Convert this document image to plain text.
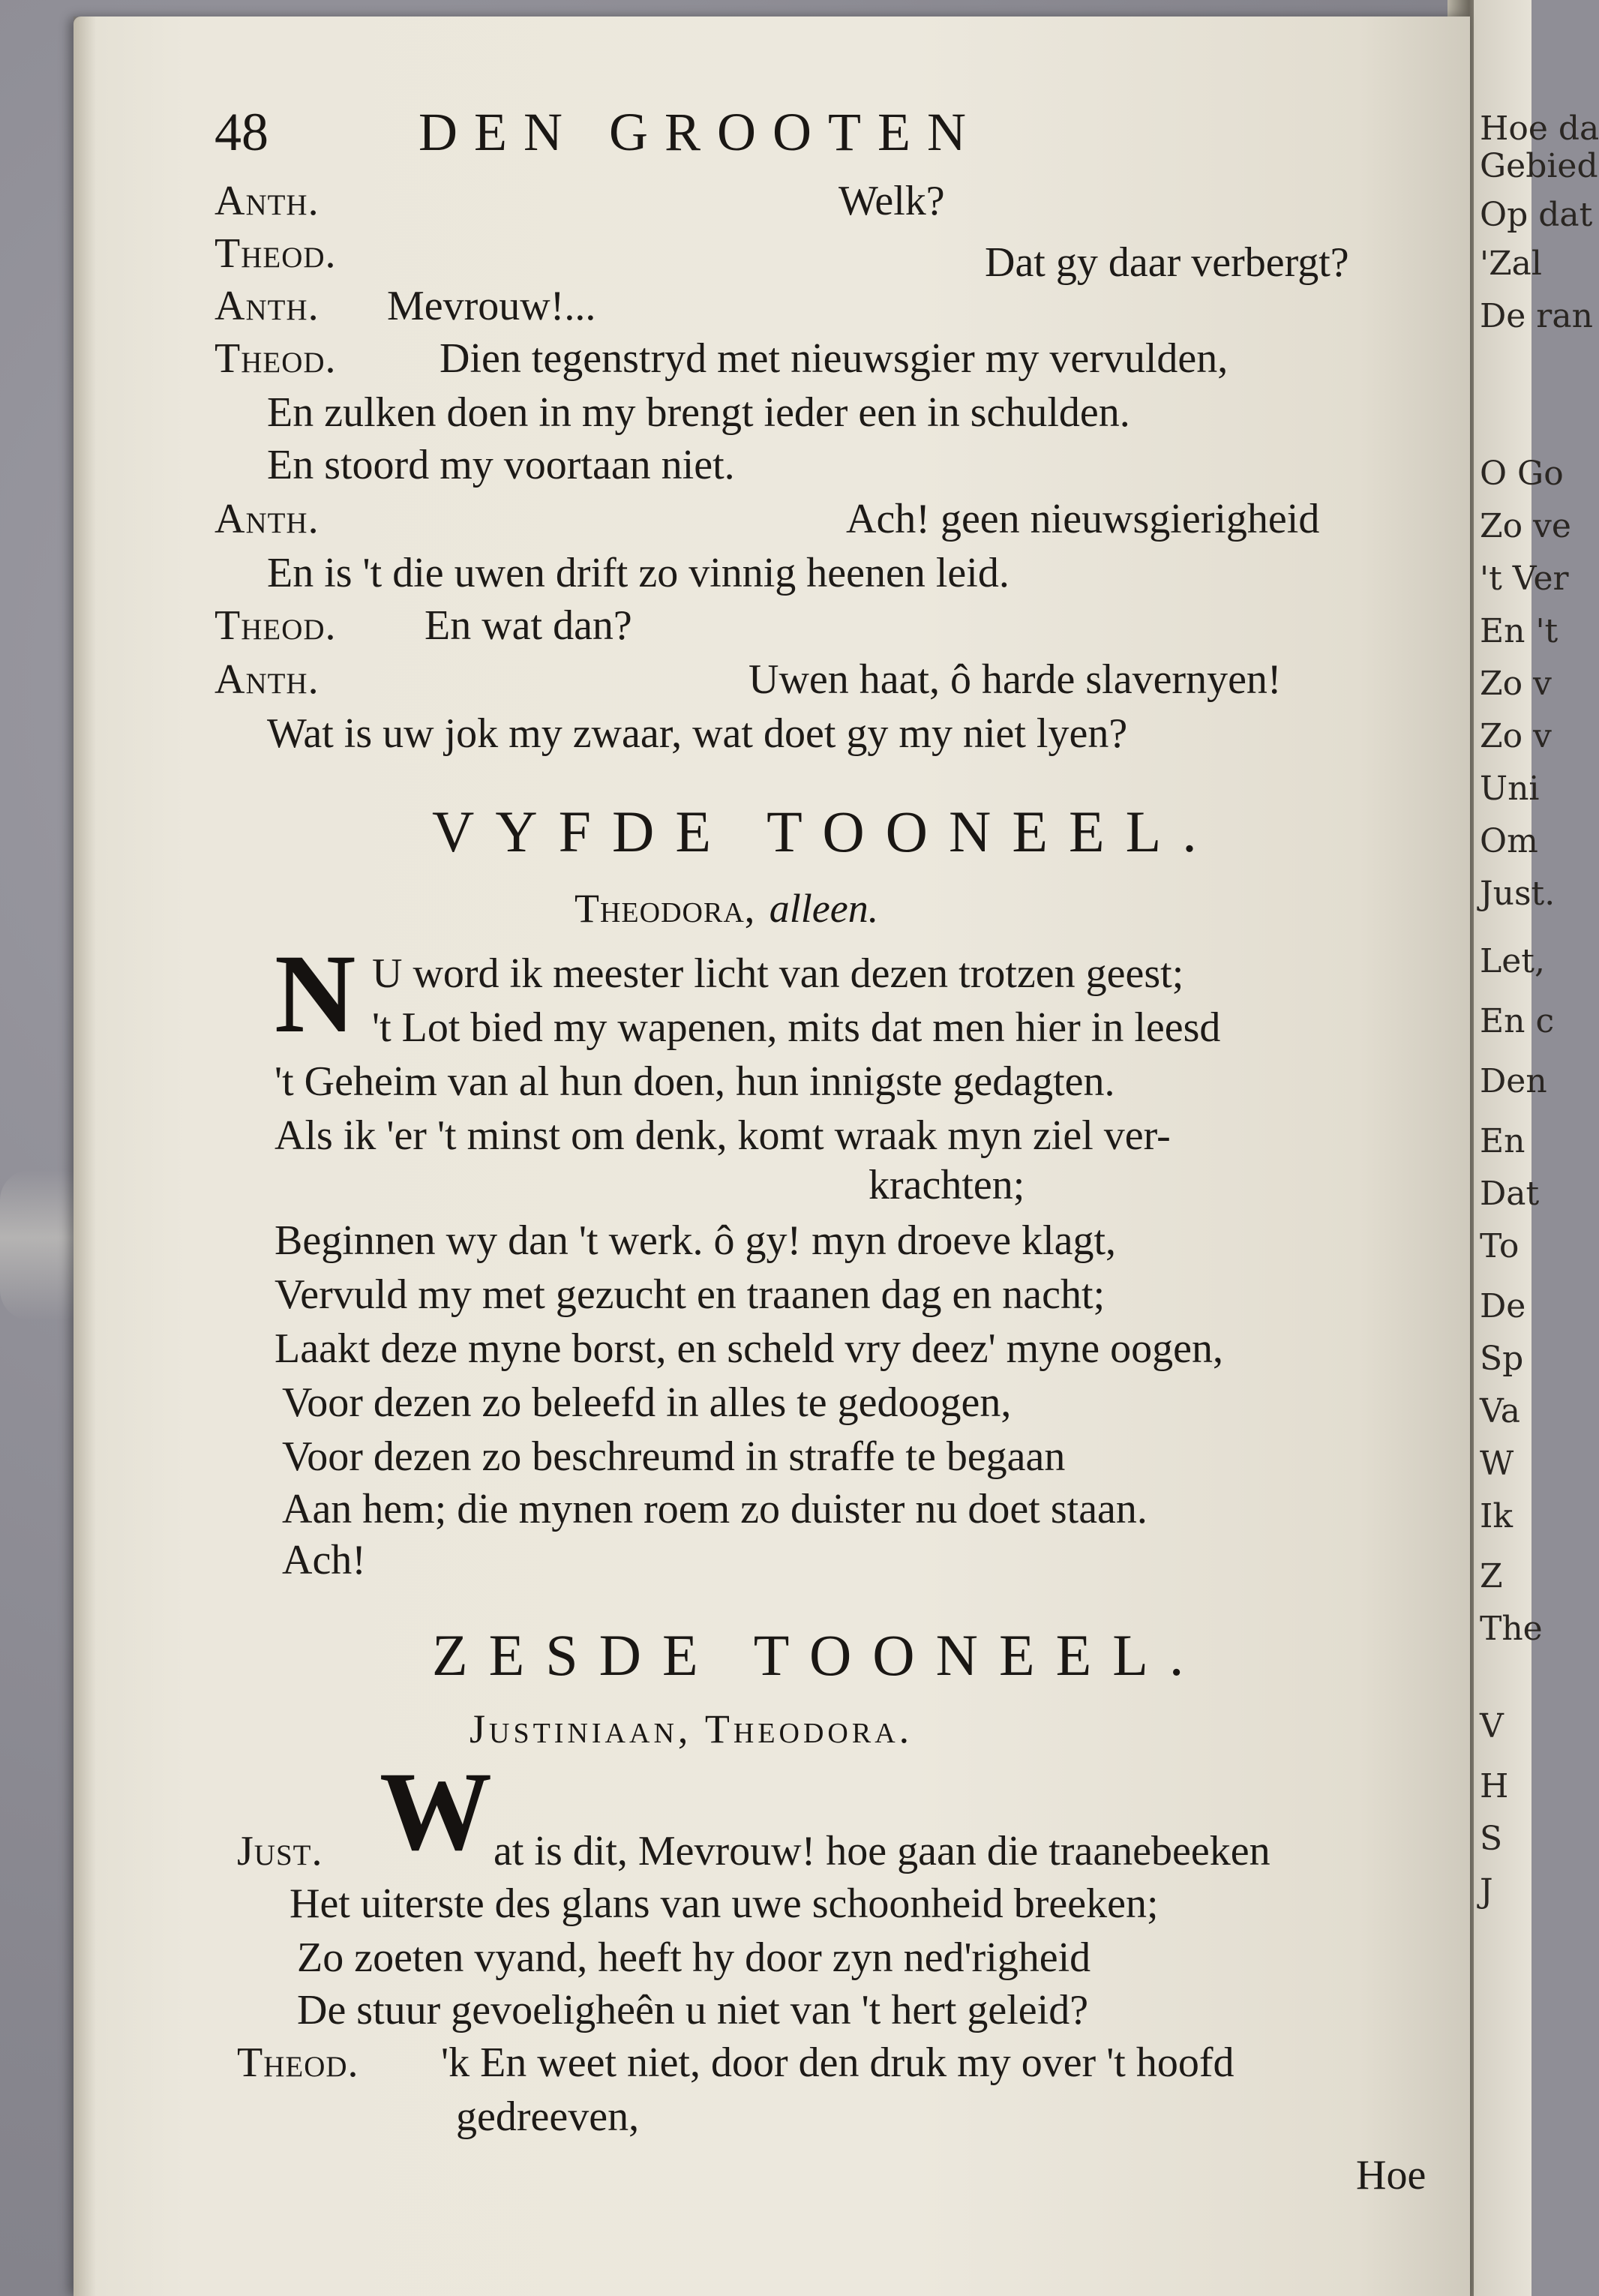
Hoe da
Gebied
Op dat
'Zal
De ran
O Go
Zo ve
't Ver
En 't
Zo v
Zo v
Uni
Om
Just.
Let,
En c
Den
En
Dat
To
De
Sp
Va
W
Ik
Z
The
V
H
S
J
48	DEN GROOTEN
Anth.	Welk?
Theod.	Dat gy daar verbergt?
Anth. Mevrouw!...
Theod. Dien tegenstryd met nieuwsgier my vervulden,
En zulken doen in my brengt ieder een in schulden.
En stoord my voortaan niet.
Anth.	Ach! geen nieuwsgierigheid
En is 't die uwen drift zo vinnig heenen leid.
Theod. En wat dan?
Anth.	Uwen haat, ô harde slavernyen!
Wat is uw jok my zwaar, wat doet gy my niet lyen?
VYFDE TOONEEL.
Theodora, alleen.
N U word ik meester licht van dezen trotzen geest;
't Lot bied my wapenen, mits dat men hier in leesd
't Geheim van al hun doen, hun innigste gedagten.
Als ik 'er 't minst om denk, komt wraak myn ziel ver-
krachten;
Beginnen wy dan 't werk. ô gy! myn droeve klagt,
Vervuld my met gezucht en traanen dag en nacht;
Laakt deze myne borst, en scheld vry deez' myne oogen,
Voor dezen zo beleefd in alles te gedoogen,
Voor dezen zo beschreumd in straffe te begaan
Aan hem; die mynen roem zo duister nu doet staan.
Ach!
ZESDE TOONEEL.
Justiniaan, Theodora.
Just. W at is dit, Mevrouw! hoe gaan die traanebeeken
Het uiterste des glans van uwe schoonheid breeken;
Zo zoeten vyand, heeft hy door zyn ned'righeid
De stuur gevoeligheên u niet van 't hert geleid?
Theod. 'k En weet niet, door den druk my over 't hoofd
gedreeven,
Hoe
